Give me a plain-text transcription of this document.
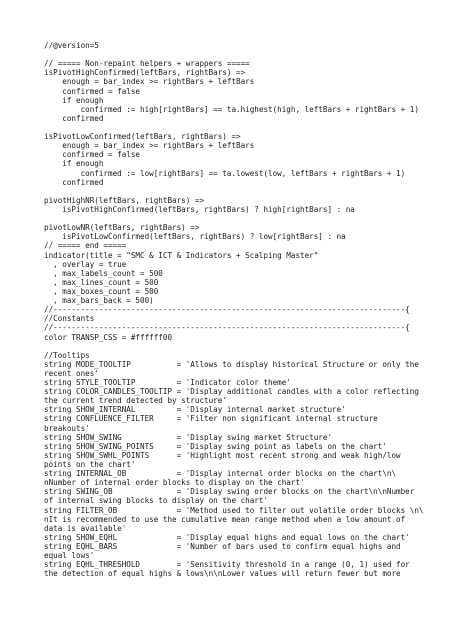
//@version=5
// ===== Non-repaint helpers + wrappers =====
isPivotHighConfirmed(leftBars, rightBars) =>
enough = bar_index >= rightBars + leftBars
confirmed = false
if enough
confirmed := high[rightBars] == ta.highest(high, leftBars + rightBars + 1)
confirmed
isPivotLowConfirmed(leftBars, rightBars) =>
enough = bar_index >= rightBars + leftBars
confirmed = false
if enough
confirmed := low[rightBars] == ta.lowest(low, leftBars + rightBars + 1)
confirmed
pivotHighNR(leftBars, rightBars) =>
isPivotHighConfirmed(leftBars, rightBars) ? high[rightBars] : na
pivotLowNR(leftBars, rightBars) =>
isPivotLowConfirmed(leftBars, rightBars) ? low[rightBars] : na
// ===== end =====
indicator(title = "SMC & ICT & Indicators + Scalping Master"
, overlay = true
, max_labels_count = 500
, max_lines_count = 500
, max_boxes_count = 500
, max_bars_back = 500)
//-----------------------------------------------------------------------------{
//Constants
//-----------------------------------------------------------------------------{
color TRANSP_CSS = #ffffff00
//Tooltips
string MODE_TOOLTIP          = 'Allows to display historical Structure or only the
recent ones'
string STYLE_TOOLTIP         = 'Indicator color theme'
string COLOR_CANDLES_TOOLTIP = 'Display additional candles with a color reflecting
the current trend detected by structure'
string SHOW_INTERNAL         = 'Display internal market structure'
string CONFLUENCE_FILTER     = 'Filter non significant internal structure
breakouts'
string SHOW_SWING            = 'Display swing market Structure'
string SHOW_SWING_POINTS     = 'Display swing point as labels on the chart'
string SHOW_SWHL_POINTS      = 'Highlight most recent strong and weak high/low
points on the chart'
string INTERNAL_OB           = 'Display internal order blocks on the chart\n\
nNumber of internal order blocks to display on the chart'
string SWING_OB              = 'Display swing order blocks on the chart\n\nNumber
of internal swing blocks to display on the chart'
string FILTER_OB             = 'Method used to filter out volatile order blocks \n\
nIt is recommended to use the cumulative mean range method when a low amount of
data is available'
string SHOW_EQHL             = 'Display equal highs and equal lows on the chart'
string EQHL_BARS             = 'Number of bars used to confirm equal highs and
equal lows'
string EQHL_THRESHOLD        = 'Sensitivity threshold in a range (0, 1) used for
the detection of equal highs & lows\n\nLower values will return fewer but more
